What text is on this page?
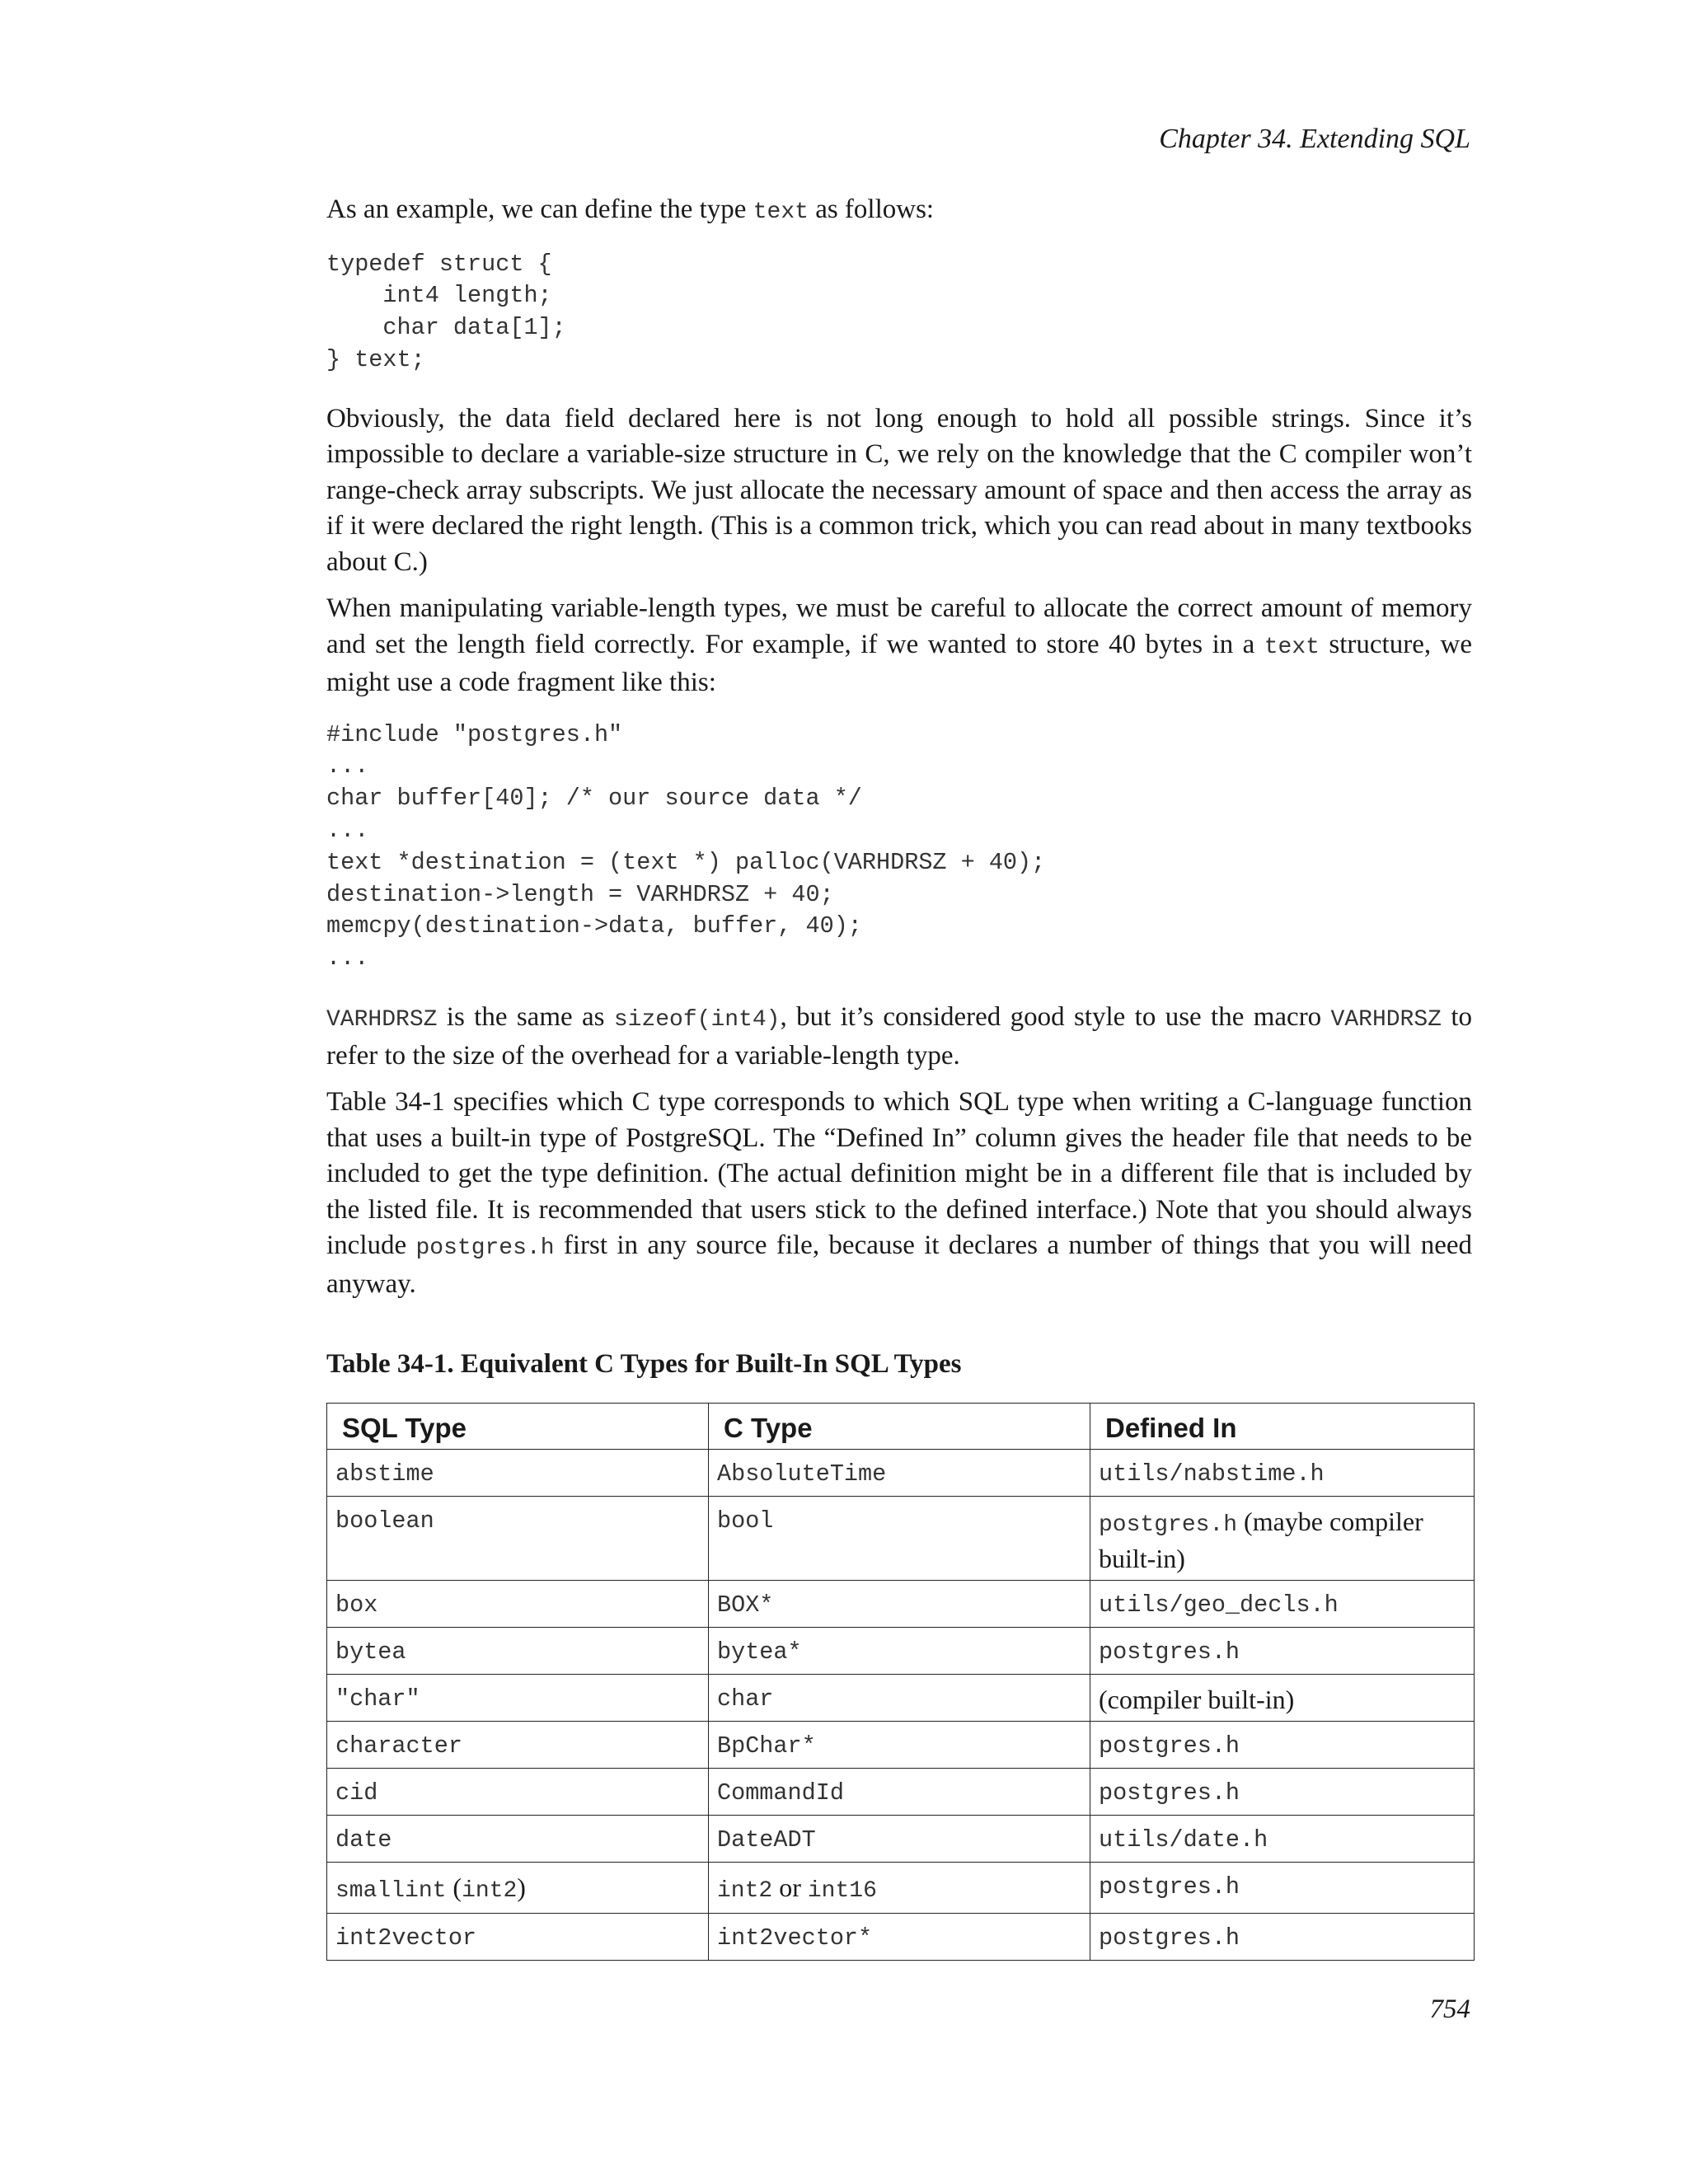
Chapter 34. Extending SQL

As an example, we can define the type text as follows:

typedef struct {
int4 length;
char data[1];
} text;

Obviously, the data field declared here is not long enough to hold all possible strings. Since it’s impossible to declare a variable-size structure in C, we rely on the knowledge that the C compiler won’t range-check array subscripts. We just allocate the necessary amount of space and then access the array as if it were declared the right length. (This is a common trick, which you can read about in many textbooks about C.)

When manipulating variable-length types, we must be careful to allocate the correct amount of memory and set the length field correctly. For example, if we wanted to store 40 bytes in a text structure, we might use a code fragment like this:

#include "postgres.h"
...
char buffer[40]; /* our source data */
...
text *destination = (text *) palloc(VARHDRSZ + 40);
destination->length = VARHDRSZ + 40;
memcpy(destination->data, buffer, 40);
...

VARHDRSZ is the same as sizeof(int4), but it’s considered good style to use the macro VARHDRSZ to refer to the size of the overhead for a variable-length type.

Table 34-1 specifies which C type corresponds to which SQL type when writing a C-language function that uses a built-in type of PostgreSQL. The “Defined In” column gives the header file that needs to be included to get the type definition. (The actual definition might be in a different file that is included by the listed file. It is recommended that users stick to the defined interface.) Note that you should always include postgres.h first in any source file, because it declares a number of things that you will need anyway.

Table 34-1. Equivalent C Types for Built-In SQL Types
SQL Type	C Type	Defined In
abstime	AbsoluteTime	utils/nabstime.h
boolean	bool	postgres.h (maybe compiler built-in)
box	BOX*	utils/geo_decls.h
bytea	bytea*	postgres.h
"char"	char	(compiler built-in)
character	BpChar*	postgres.h
cid	CommandId	postgres.h
date	DateADT	utils/date.h
smallint (int2)	int2 or int16	postgres.h
int2vector	int2vector*	postgres.h
754
